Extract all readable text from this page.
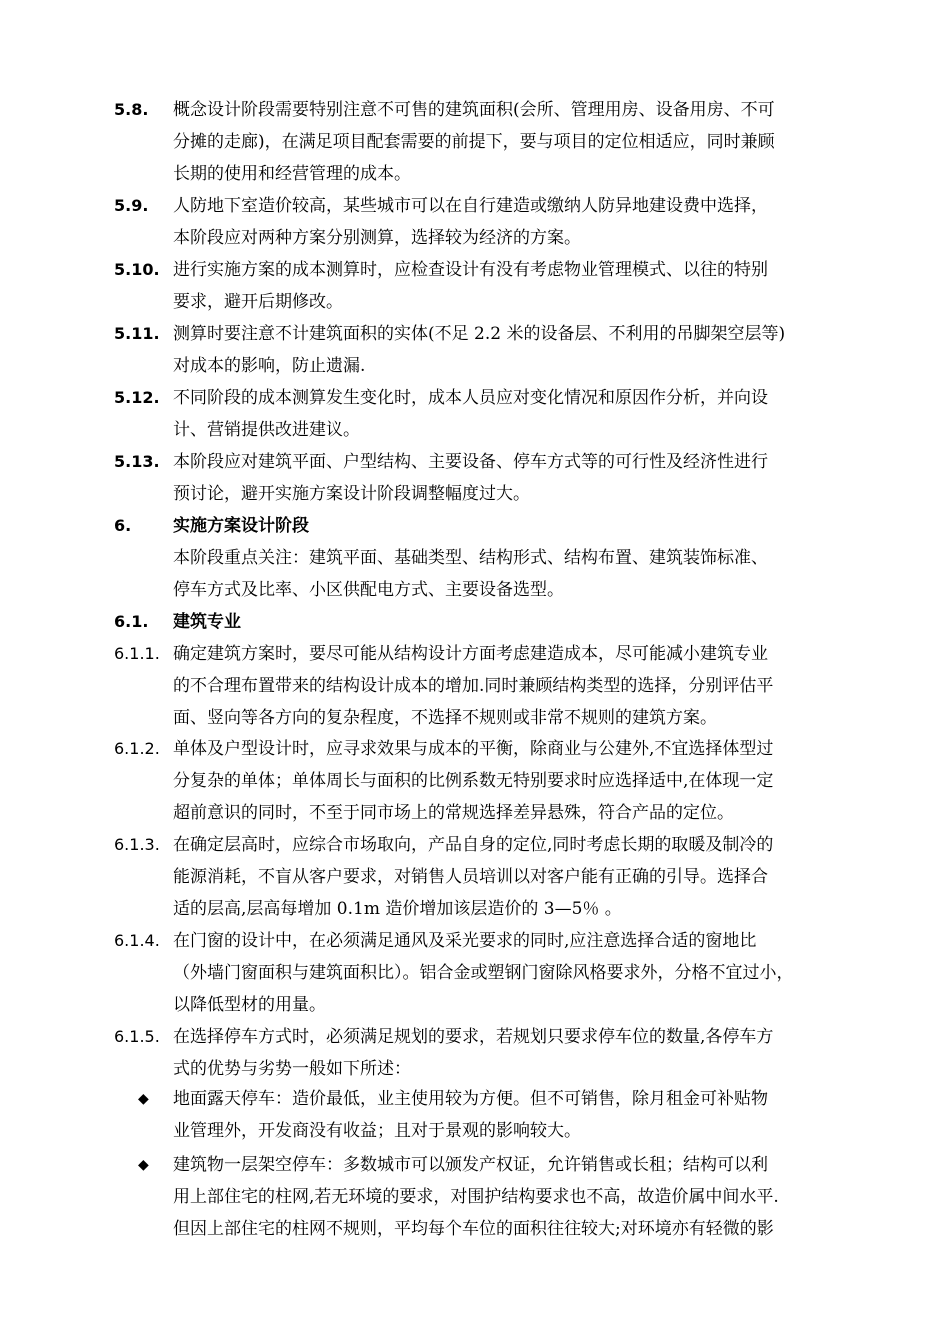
5.8. 概念设计阶段需要特别注意不可售的建筑面积(会所、管理用房、设备用房、不可
分摊的走廊)，在满足项目配套需要的前提下，要与项目的定位相适应，同时兼顾
长期的使用和经营管理的成本。
5.9. 人防地下室造价较高，某些城市可以在自行建造或缴纳人防异地建设费中选择，
本阶段应对两种方案分别测算，选择较为经济的方案。
5.10. 进行实施方案的成本测算时，应检查设计有没有考虑物业管理模式、以往的特别
要求，避开后期修改。
5.11. 测算时要注意不计建筑面积的实体(不足 2.2 米的设备层、不利用的吊脚架空层等)
对成本的影响，防止遗漏.
5.12. 不同阶段的成本测算发生变化时，成本人员应对变化情况和原因作分析，并向设
计、营销提供改进建议。
5.13. 本阶段应对建筑平面、户型结构、主要设备、停车方式等的可行性及经济性进行
预讨论，避开实施方案设计阶段调整幅度过大。
6. 实施方案设计阶段
本阶段重点关注：建筑平面、基础类型、结构形式、结构布置、建筑装饰标准、
停车方式及比率、小区供配电方式、主要设备选型。
6.1. 建筑专业
6.1.1. 确定建筑方案时，要尽可能从结构设计方面考虑建造成本，尽可能减小建筑专业
的不合理布置带来的结构设计成本的增加.同时兼顾结构类型的选择，分别评估平
面、竖向等各方向的复杂程度，不选择不规则或非常不规则的建筑方案。
6.1.2. 单体及户型设计时，应寻求效果与成本的平衡，除商业与公建外,不宜选择体型过
分复杂的单体；单体周长与面积的比例系数无特别要求时应选择适中,在体现一定
超前意识的同时，不至于同市场上的常规选择差异悬殊，符合产品的定位。
6.1.3. 在确定层高时，应综合市场取向，产品自身的定位,同时考虑长期的取暖及制冷的
能源消耗，不盲从客户要求，对销售人员培训以对客户能有正确的引导。选择合
适的层高,层高每增加 0.1m 造价增加该层造价的 3—5％ 。
6.1.4. 在门窗的设计中，在必须满足通风及采光要求的同时,应注意选择合适的窗地比
（外墙门窗面积与建筑面积比）。铝合金或塑钢门窗除风格要求外，分格不宜过小，
以降低型材的用量。
6.1.5. 在选择停车方式时，必须满足规划的要求，若规划只要求停车位的数量,各停车方
式的优势与劣势一般如下所述：
◆ 地面露天停车：造价最低，业主使用较为方便。但不可销售，除月租金可补贴物
业管理外，开发商没有收益；且对于景观的影响较大。
◆ 建筑物一层架空停车：多数城市可以颁发产权证，允许销售或长租；结构可以利
用上部住宅的柱网,若无环境的要求，对围护结构要求也不高，故造价属中间水平.
但因上部住宅的柱网不规则，平均每个车位的面积往往较大;对环境亦有轻微的影
